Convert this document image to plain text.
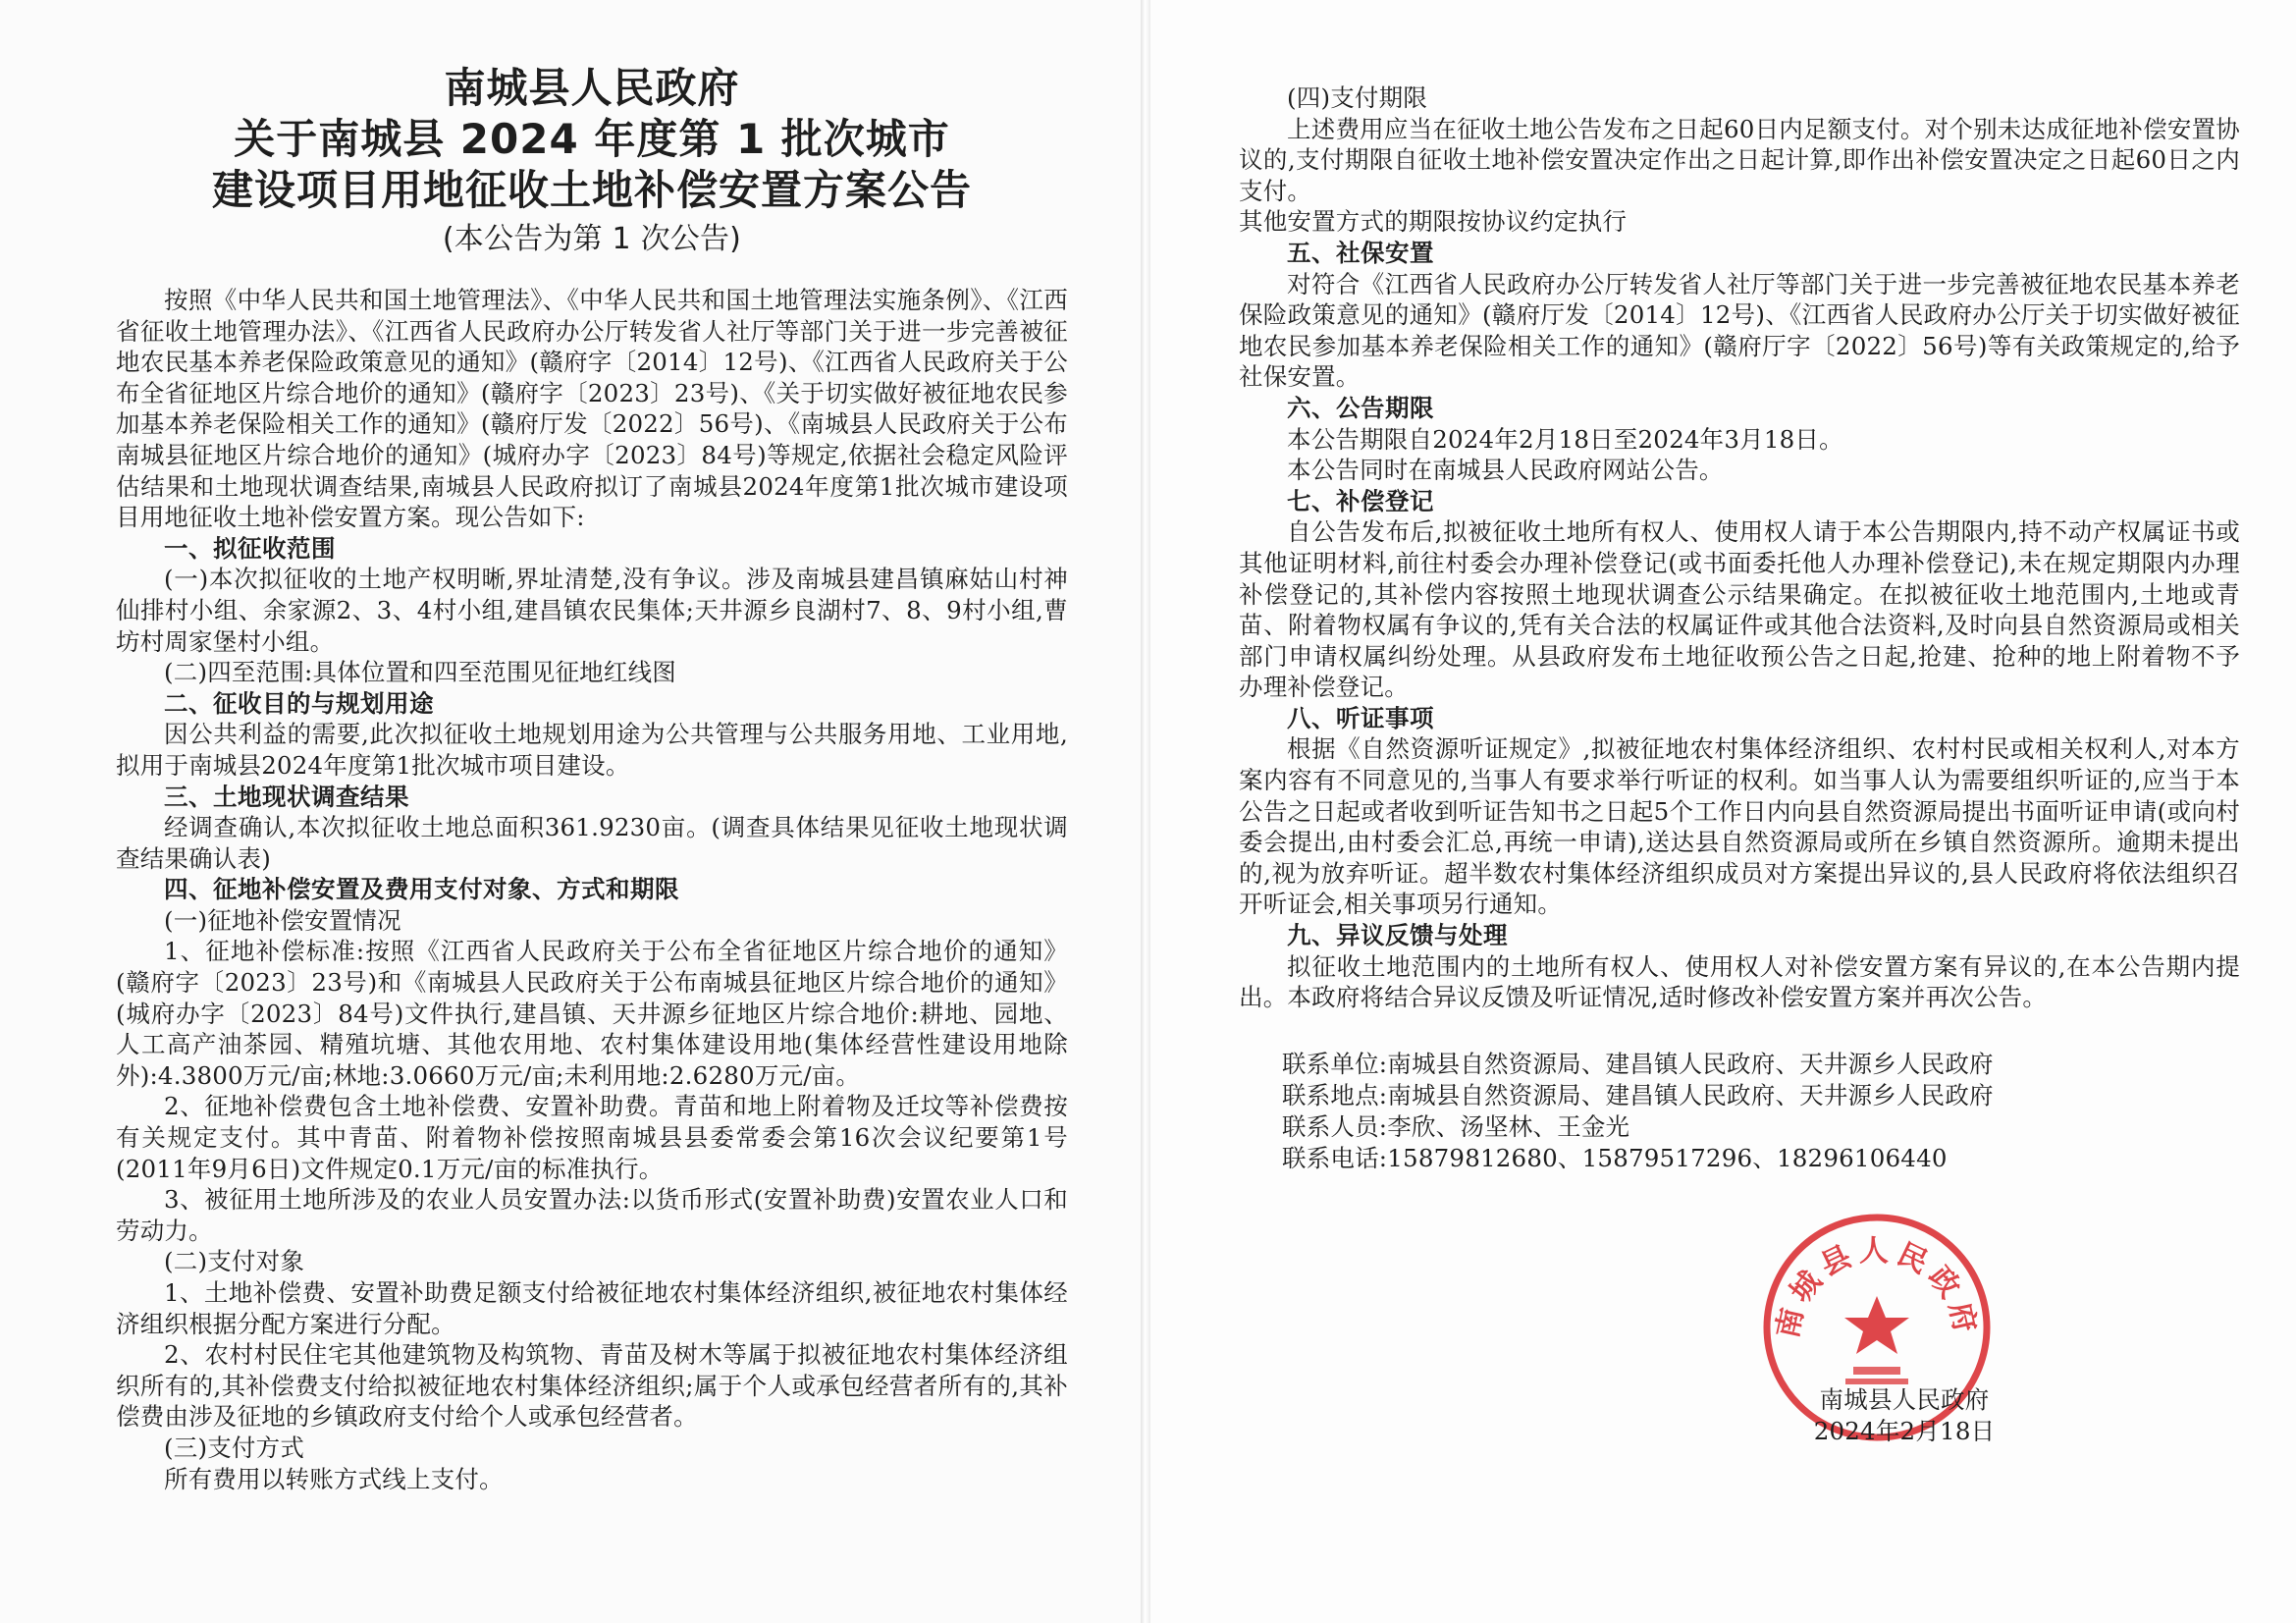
南城县人民政府

关于南城县 2024 年度第 1 批次城市

建设项目用地征收土地补偿安置方案公告

(本公告为第 1 次公告)

按照《中华人民共和国土地管理法》、《中华人民共和国土地管理法实施条例》、《江西省征收土地管理办法》、《江西省人民政府办公厅转发省人社厅等部门关于进一步完善被征地农民基本养老保险政策意见的通知》(赣府字〔2014〕12号)、《江西省人民政府关于公布全省征地区片综合地价的通知》(赣府字〔2023〕23号)、《关于切实做好被征地农民参加基本养老保险相关工作的通知》(赣府厅发〔2022〕56号)、《南城县人民政府关于公布南城县征地区片综合地价的通知》(城府办字〔2023〕84号)等规定,依据社会稳定风险评估结果和土地现状调查结果,南城县人民政府拟订了南城县2024年度第1批次城市建设项目用地征收土地补偿安置方案。现公告如下:

一、拟征收范围

(一)本次拟征收的土地产权明晰,界址清楚,没有争议。涉及南城县建昌镇麻姑山村神仙排村小组、余家源2、3、4村小组,建昌镇农民集体;天井源乡良湖村7、8、9村小组,曹坊村周家堡村小组。

(二)四至范围:具体位置和四至范围见征地红线图

二、征收目的与规划用途

因公共利益的需要,此次拟征收土地规划用途为公共管理与公共服务用地、工业用地,拟用于南城县2024年度第1批次城市项目建设。

三、土地现状调查结果

经调查确认,本次拟征收土地总面积361.9230亩。(调查具体结果见征收土地现状调查结果确认表)

四、征地补偿安置及费用支付对象、方式和期限

(一)征地补偿安置情况

1、征地补偿标准:按照《江西省人民政府关于公布全省征地区片综合地价的通知》(赣府字〔2023〕23号)和《南城县人民政府关于公布南城县征地区片综合地价的通知》(城府办字〔2023〕84号)文件执行,建昌镇、天井源乡征地区片综合地价:耕地、园地、人工高产油茶园、精殖坑塘、其他农用地、农村集体建设用地(集体经营性建设用地除外):4.3800万元/亩;林地:3.0660万元/亩;未利用地:2.6280万元/亩。

2、征地补偿费包含土地补偿费、安置补助费。青苗和地上附着物及迁坟等补偿费按有关规定支付。其中青苗、附着物补偿按照南城县县委常委会第16次会议纪要第1号(2011年9月6日)文件规定0.1万元/亩的标准执行。

3、被征用土地所涉及的农业人员安置办法:以货币形式(安置补助费)安置农业人口和劳动力。

(二)支付对象

1、土地补偿费、安置补助费足额支付给被征地农村集体经济组织,被征地农村集体经济组织根据分配方案进行分配。

2、农村村民住宅其他建筑物及构筑物、青苗及树木等属于拟被征地农村集体经济组织所有的,其补偿费支付给拟被征地农村集体经济组织;属于个人或承包经营者所有的,其补偿费由涉及征地的乡镇政府支付给个人或承包经营者。

(三)支付方式

所有费用以转账方式线上支付。

(四)支付期限

上述费用应当在征收土地公告发布之日起60日内足额支付。对个别未达成征地补偿安置协议的,支付期限自征收土地补偿安置决定作出之日起计算,即作出补偿安置决定之日起60日之内支付。

其他安置方式的期限按协议约定执行

五、社保安置

对符合《江西省人民政府办公厅转发省人社厅等部门关于进一步完善被征地农民基本养老保险政策意见的通知》(赣府厅发〔2014〕12号)、《江西省人民政府办公厅关于切实做好被征地农民参加基本养老保险相关工作的通知》(赣府厅字〔2022〕56号)等有关政策规定的,给予社保安置。

六、公告期限

本公告期限自2024年2月18日至2024年3月18日。

本公告同时在南城县人民政府网站公告。

七、补偿登记

自公告发布后,拟被征收土地所有权人、使用权人请于本公告期限内,持不动产权属证书或其他证明材料,前往村委会办理补偿登记(或书面委托他人办理补偿登记),未在规定期限内办理补偿登记的,其补偿内容按照土地现状调查公示结果确定。在拟被征收土地范围内,土地或青苗、附着物权属有争议的,凭有关合法的权属证件或其他合法资料,及时向县自然资源局或相关部门申请权属纠纷处理。从县政府发布土地征收预公告之日起,抢建、抢种的地上附着物不予办理补偿登记。

八、听证事项

根据《自然资源听证规定》,拟被征地农村集体经济组织、农村村民或相关权利人,对本方案内容有不同意见的,当事人有要求举行听证的权利。如当事人认为需要组织听证的,应当于本公告之日起或者收到听证告知书之日起5个工作日内向县自然资源局提出书面听证申请(或向村委会提出,由村委会汇总,再统一申请),送达县自然资源局或所在乡镇自然资源所。逾期未提出的,视为放弃听证。超半数农村集体经济组织成员对方案提出异议的,县人民政府将依法组织召开听证会,相关事项另行通知。

九、异议反馈与处理

拟征收土地范围内的土地所有权人、使用权人对补偿安置方案有异议的,在本公告期内提出。本政府将结合异议反馈及听证情况,适时修改补偿安置方案并再次公告。

联系单位:南城县自然资源局、建昌镇人民政府、天井源乡人民政府

联系地点:南城县自然资源局、建昌镇人民政府、天井源乡人民政府

联系人员:李欣、汤坚林、王金光

联系电话:15879812680、15879517296、18296106440

南城县人民政府

南城县人民政府

2024年2月18日
